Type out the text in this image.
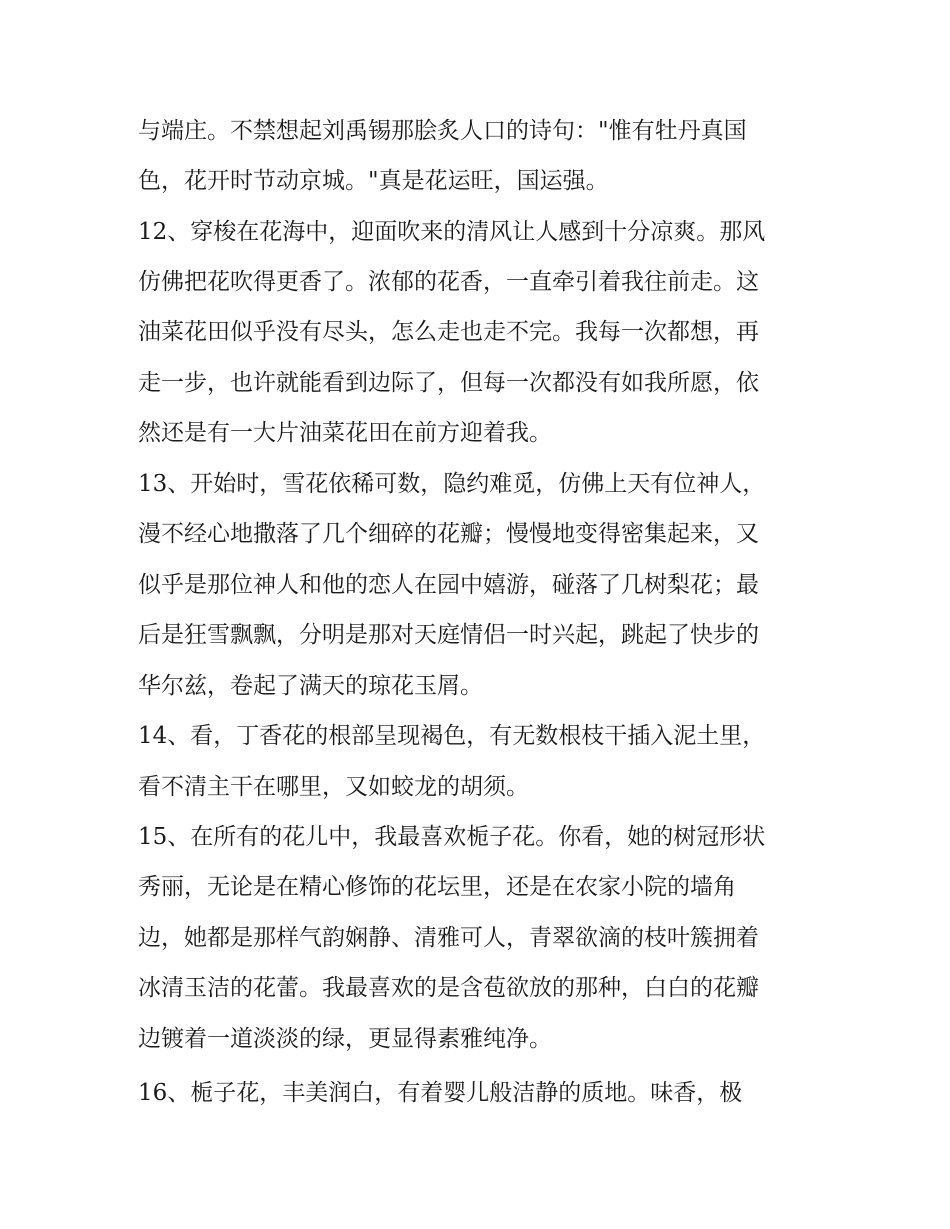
与端庄。不禁想起刘禹锡那脍炙人口的诗句："惟有牡丹真国
色，花开时节动京城。"真是花运旺，国运强。
12、穿梭在花海中，迎面吹来的清风让人感到十分凉爽。那风
仿佛把花吹得更香了。浓郁的花香，一直牵引着我往前走。这
油菜花田似乎没有尽头，怎么走也走不完。我每一次都想，再
走一步，也许就能看到边际了，但每一次都没有如我所愿，依
然还是有一大片油菜花田在前方迎着我。
13、开始时，雪花依稀可数，隐约难觅，仿佛上天有位神人，
漫不经心地撒落了几个细碎的花瓣；慢慢地变得密集起来，又
似乎是那位神人和他的恋人在园中嬉游，碰落了几树梨花；最
后是狂雪飘飘，分明是那对天庭情侣一时兴起，跳起了快步的
华尔兹，卷起了满天的琼花玉屑。
14、看，丁香花的根部呈现褐色，有无数根枝干插入泥土里，
看不清主干在哪里，又如蛟龙的胡须。
15、在所有的花儿中，我最喜欢栀子花。你看，她的树冠形状
秀丽，无论是在精心修饰的花坛里，还是在农家小院的墙角
边，她都是那样气韵娴静、清雅可人，青翠欲滴的枝叶簇拥着
冰清玉洁的花蕾。我最喜欢的是含苞欲放的那种，白白的花瓣
边镀着一道淡淡的绿，更显得素雅纯净。
16、栀子花，丰美润白，有着婴儿般洁静的质地。味香，极
